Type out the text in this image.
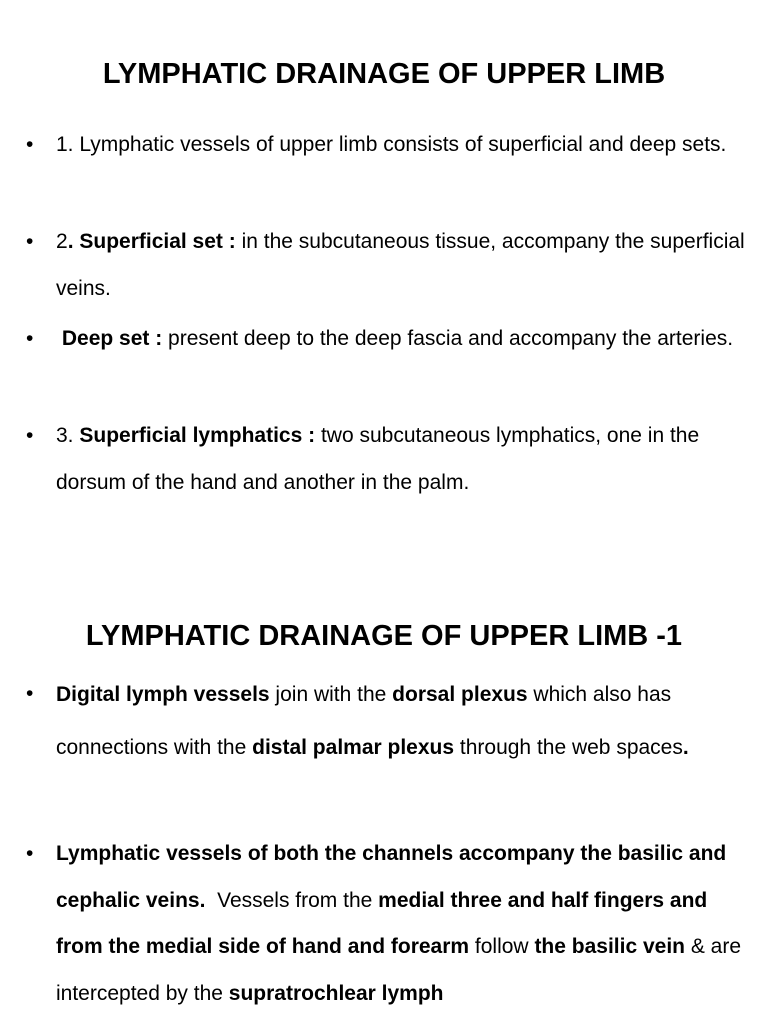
LYMPHATIC DRAINAGE OF UPPER LIMB
• 1. Lymphatic vessels of upper limb consists of superficial and deep sets.
• 2. Superficial set : in the subcutaneous tissue, accompany the superficial veins.
• Deep set : present deep to the deep fascia and accompany the arteries.
• 3. Superficial lymphatics : two subcutaneous lymphatics, one in the dorsum of the hand and another in the palm.
LYMPHATIC DRAINAGE OF UPPER LIMB -1
• Digital lymph vessels join with the dorsal plexus which also has connections with the distal palmar plexus through the web spaces.
• Lymphatic vessels of both the channels accompany the basilic and cephalic veins.  Vessels from the medial three and half fingers and from the medial side of hand and forearm follow the basilic vein & are intercepted by the supratrochlear lymph
